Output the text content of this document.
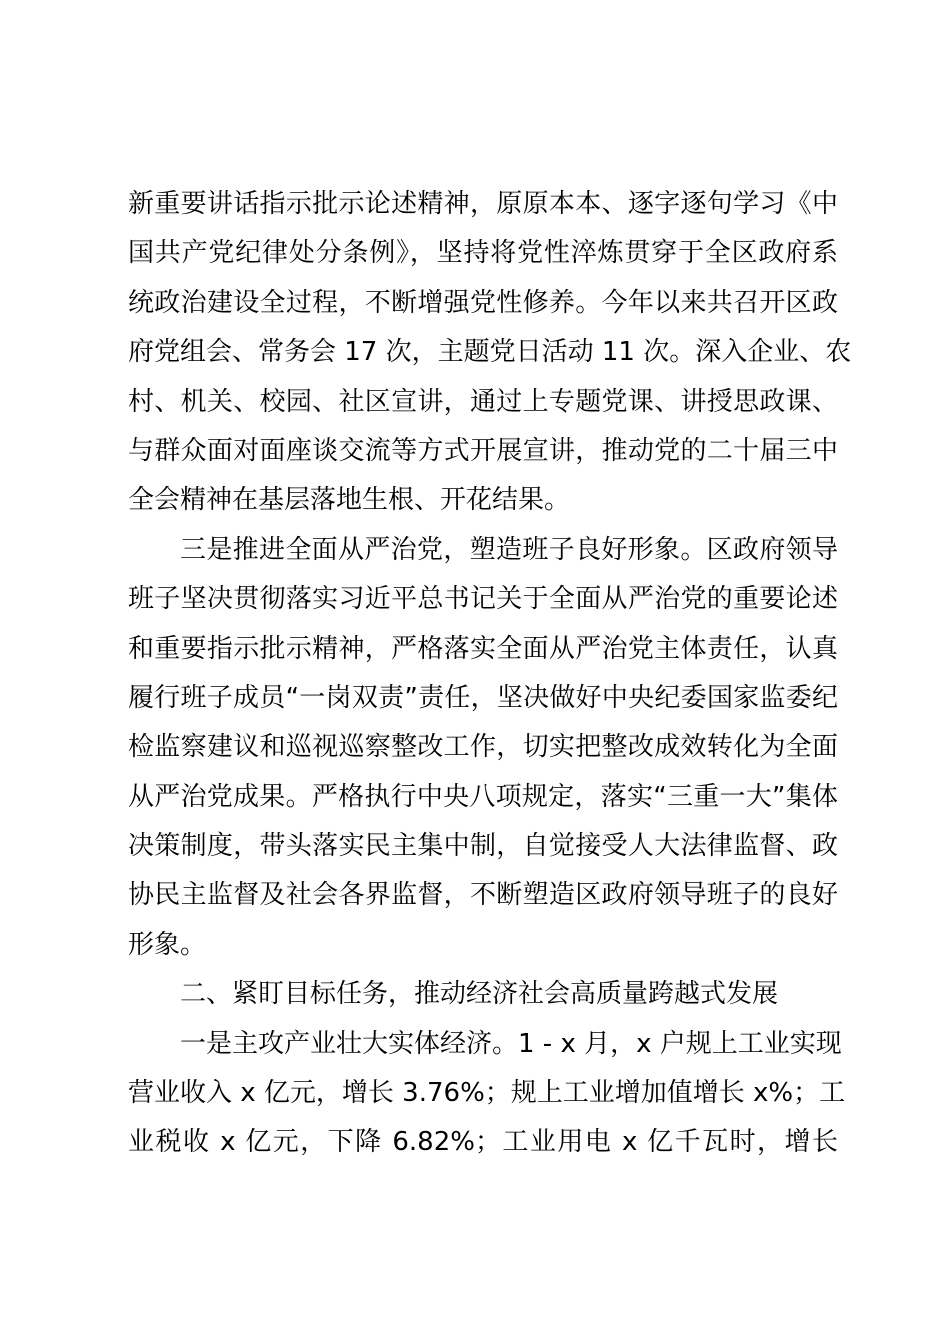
新重要讲话指示批示论述精神，原原本本、逐字逐句学习《中
国共产党纪律处分条例》，坚持将党性淬炼贯穿于全区政府系
统政治建设全过程，不断增强党性修养。今年以来共召开区政
府党组会、常务会 17 次，主题党日活动 11 次。深入企业、农
村、机关、校园、社区宣讲，通过上专题党课、讲授思政课、
与群众面对面座谈交流等方式开展宣讲，推动党的二十届三中
全会精神在基层落地生根、开花结果。
三是推进全面从严治党，塑造班子良好形象。区政府领导
班子坚决贯彻落实习近平总书记关于全面从严治党的重要论述
和重要指示批示精神，严格落实全面从严治党主体责任，认真
履行班子成员“一岗双责”责任，坚决做好中央纪委国家监委纪
检监察建议和巡视巡察整改工作，切实把整改成效转化为全面
从严治党成果。严格执行中央八项规定，落实“三重一大”集体
决策制度，带头落实民主集中制，自觉接受人大法律监督、政
协民主监督及社会各界监督，不断塑造区政府领导班子的良好
形象。
二、紧盯目标任务，推动经济社会高质量跨越式发展
一是主攻产业壮大实体经济。1 - x 月，x 户规上工业实现
营业收入 x 亿元，增长 3.76%；规上工业增加值增长 x%；工
业税收 x 亿元，下降 6.82%；工业用电 x 亿千瓦时，增长
